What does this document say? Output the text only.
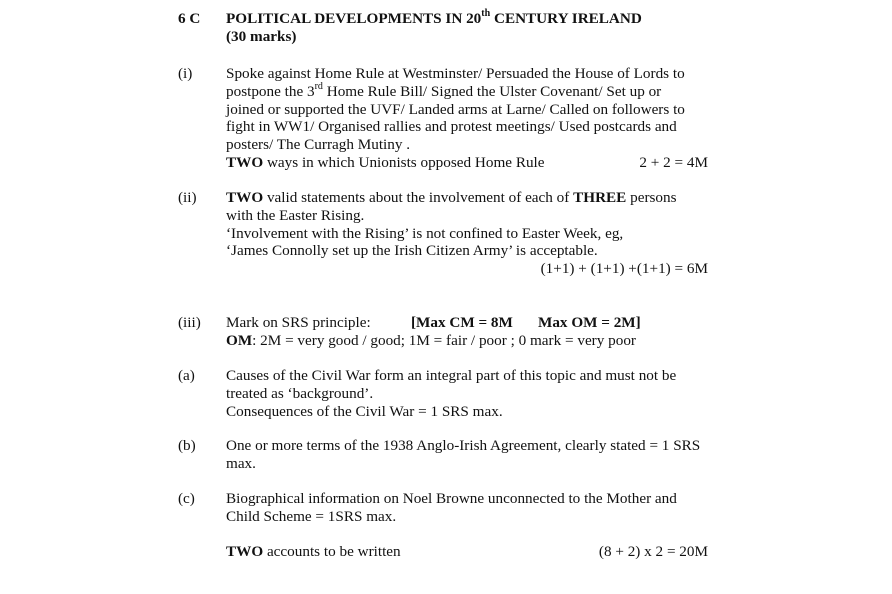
6 C POLITICAL DEVELOPMENTS IN 20th CENTURY IRELAND
(30 marks)
(i)	Spoke against Home Rule at Westminster/ Persuaded the House of Lords to
postpone the 3rd Home Rule Bill/ Signed the Ulster Covenant/ Set up or
joined or supported the UVF/ Landed arms at Larne/ Called on followers to
fight in WW1/ Organised rallies and protest meetings/ Used postcards and
posters/ The Curragh Mutiny .
TWO ways in which Unionists opposed Home Rule	2 + 2 = 4M
(ii)	TWO valid statements about the involvement of each of THREE persons
with the Easter Rising.
‘Involvement with the Rising’ is not confined to Easter Week, eg,
‘James Connolly set up the Irish Citizen Army’ is acceptable.
(1+1) + (1+1) +(1+1) = 6M
(iii)	Mark on SRS principle:	[Max CM = 8M Max OM = 2M]
OM: 2M = very good / good; 1M = fair / poor ; 0 mark = very poor
(a)	Causes of the Civil War form an integral part of this topic and must not be
treated as ‘background’.
Consequences of the Civil War = 1 SRS max.
(b)	One or more terms of the 1938 Anglo-Irish Agreement, clearly stated = 1 SRS
max.
(c)	Biographical information on Noel Browne unconnected to the Mother and
Child Scheme = 1SRS max.
TWO accounts to be written	(8 + 2) x 2 = 20M
